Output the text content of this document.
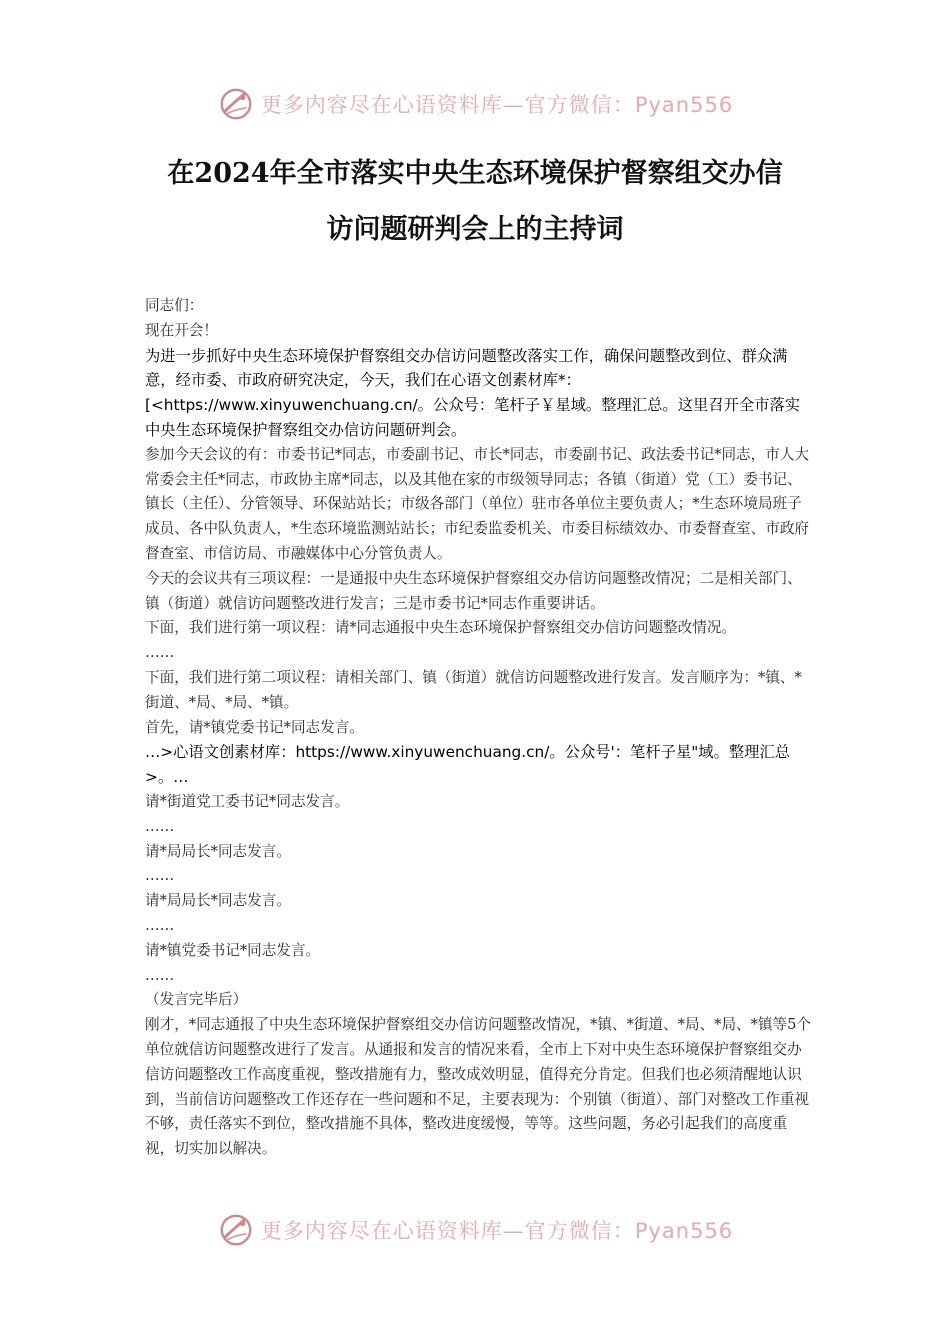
更多内容尽在心语资料库—官方微信：Pyan556
在2024年全市落实中央生态环境保护督察组交办信
访问题研判会上的主持词

同志们：

现在开会！

为进一步抓好中央生态环境保护督察组交办信访问题整改落实工作，确保问题整改到位、群众满意，经市委、市政府研究决定，今天，我们在心语文创素材库*：[<https://www.xinyuwenchuang.cn/。公众号：笔杆子￥星域。整理汇总。这里召开全市落实中央生态环境保护督察组交办信访问题研判会。

参加今天会议的有：市委书记*同志，市委副书记、市长*同志，市委副书记、政法委书记*同志，市人大常委会主任*同志，市政协主席*同志，以及其他在家的市级领导同志；各镇（街道）党（工）委书记、镇长（主任）、分管领导、环保站站长；市级各部门（单位）驻市各单位主要负责人；*生态环境局班子成员、各中队负责人，*生态环境监测站站长；市纪委监委机关、市委目标绩效办、市委督查室、市政府督查室、市信访局、市融媒体中心分管负责人。

今天的会议共有三项议程：一是通报中央生态环境保护督察组交办信访问题整改情况；二是相关部门、镇（街道）就信访问题整改进行发言；三是市委书记*同志作重要讲话。

下面，我们进行第一项议程：请*同志通报中央生态环境保护督察组交办信访问题整改情况。

……

下面，我们进行第二项议程：请相关部门、镇（街道）就信访问题整改进行发言。发言顺序为：*镇、*街道、*局、*局、*镇。

首先，请*镇党委书记*同志发言。

…>心语文创素材库：https://www.xinyuwenchuang.cn/。公众号'：笔杆子星"域。整理汇总>。…

请*街道党工委书记*同志发言。

……

请*局局长*同志发言。

……

请*局局长*同志发言。

……

请*镇党委书记*同志发言。

……

（发言完毕后）

刚才，*同志通报了中央生态环境保护督察组交办信访问题整改情况，*镇、*街道、*局、*局、*镇等5个单位就信访问题整改进行了发言。从通报和发言的情况来看，全市上下对中央生态环境保护督察组交办信访问题整改工作高度重视，整改措施有力，整改成效明显，值得充分肯定。但我们也必须清醒地认识到，当前信访问题整改工作还存在一些问题和不足，主要表现为：个别镇（街道）、部门对整改工作重视不够，责任落实不到位，整改措施不具体，整改进度缓慢，等等。这些问题，务必引起我们的高度重视，切实加以解决。

更多内容尽在心语资料库—官方微信：Pyan556
